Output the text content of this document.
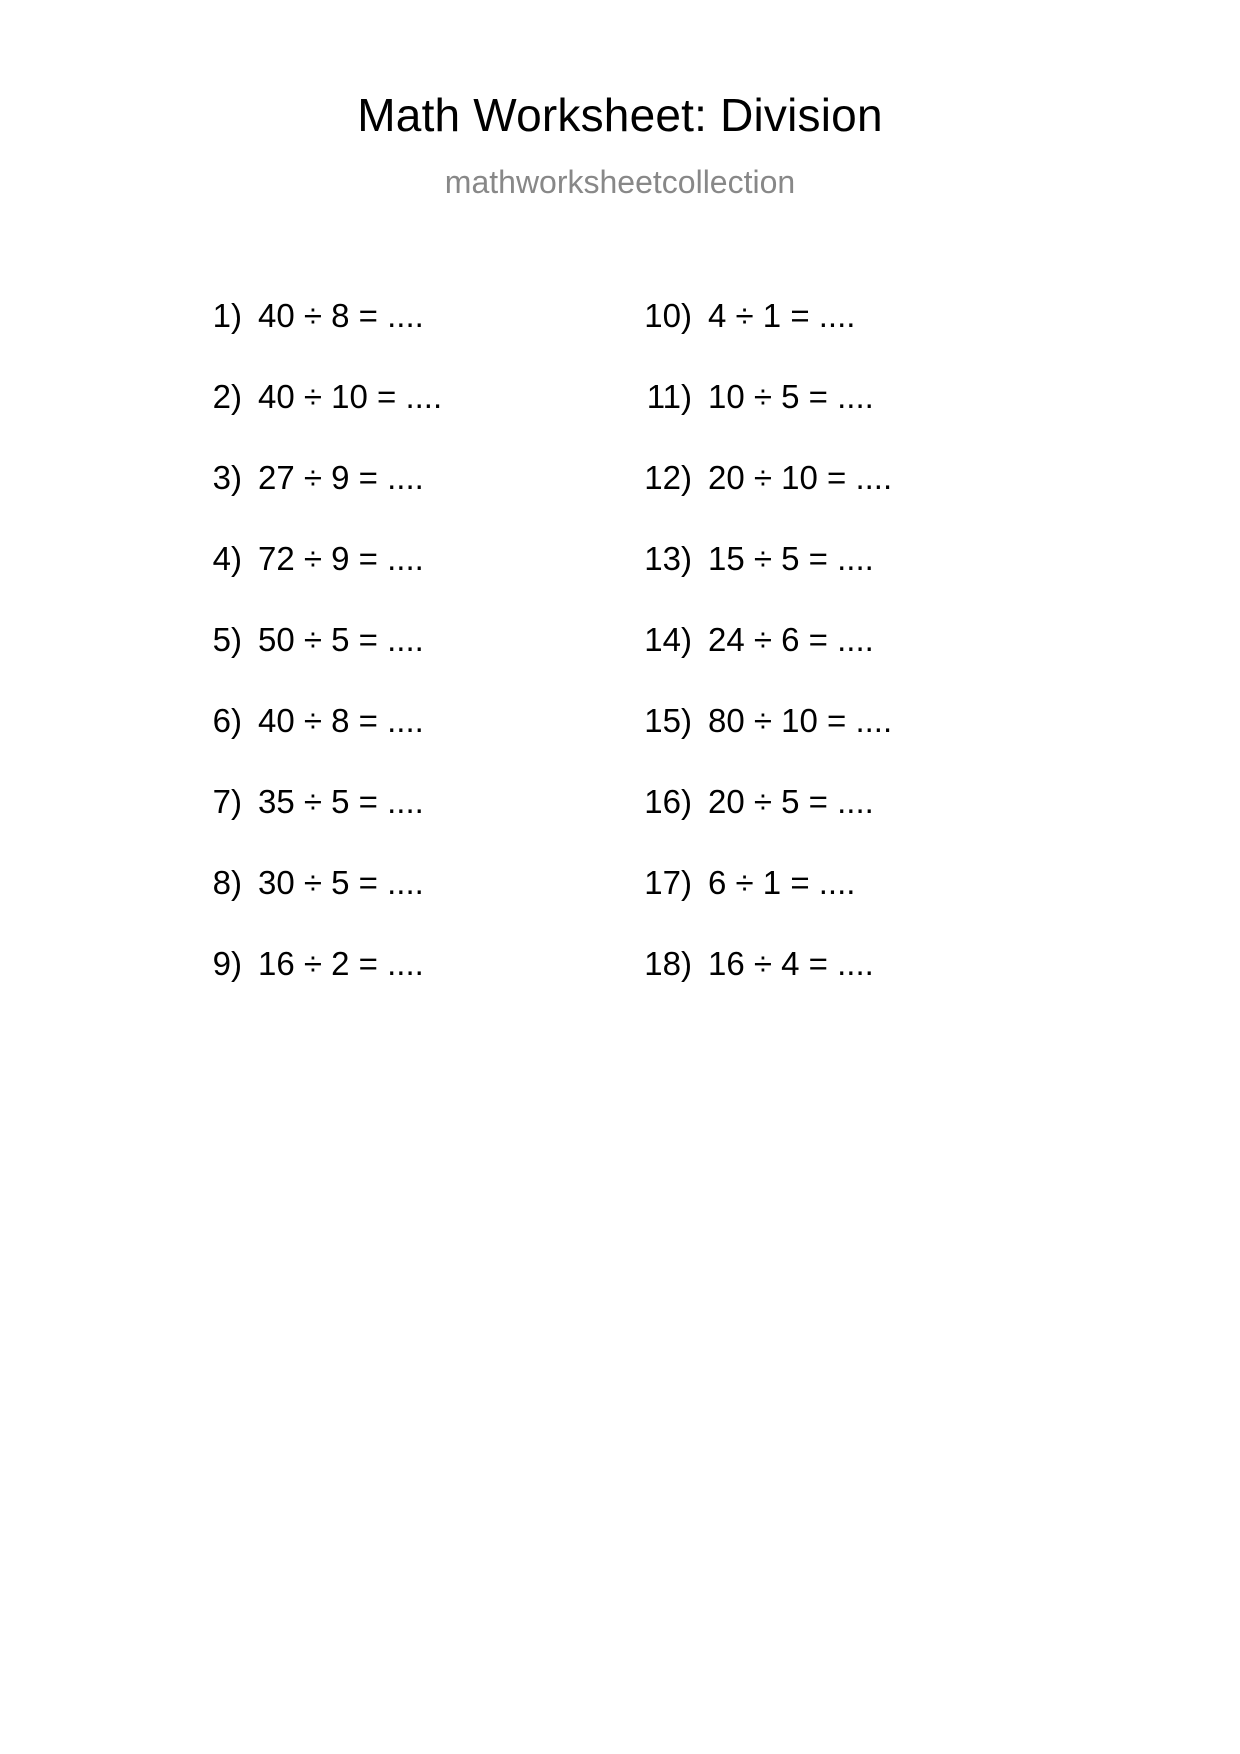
Math Worksheet: Division
mathworksheetcollection
1) 40 ÷ 8 = ....
2) 40 ÷ 10 = ....
3) 27 ÷ 9 = ....
4) 72 ÷ 9 = ....
5) 50 ÷ 5 = ....
6) 40 ÷ 8 = ....
7) 35 ÷ 5 = ....
8) 30 ÷ 5 = ....
9) 16 ÷ 2 = ....
10) 4 ÷ 1 = ....
11) 10 ÷ 5 = ....
12) 20 ÷ 10 = ....
13) 15 ÷ 5 = ....
14) 24 ÷ 6 = ....
15) 80 ÷ 10 = ....
16) 20 ÷ 5 = ....
17) 6 ÷ 1 = ....
18) 16 ÷ 4 = ....
